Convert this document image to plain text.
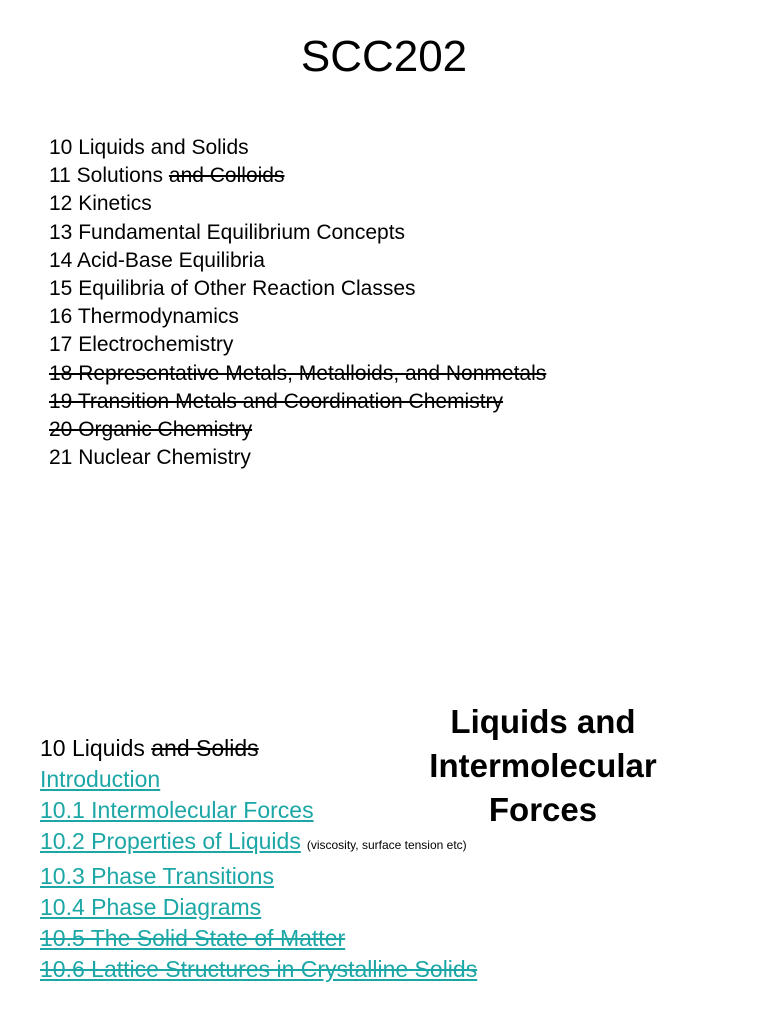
SCC202
10 Liquids and Solids
11 Solutions and Colloids
12 Kinetics
13 Fundamental Equilibrium Concepts
14 Acid-Base Equilibria
15 Equilibria of Other Reaction Classes
16 Thermodynamics
17 Electrochemistry
18 Representative Metals, Metalloids, and Nonmetals
19 Transition Metals and Coordination Chemistry
20 Organic Chemistry
21 Nuclear Chemistry
10 Liquids and Solids
Introduction
10.1 Intermolecular Forces
10.2 Properties of Liquids (viscosity, surface tension etc)
10.3 Phase Transitions
10.4 Phase Diagrams
10.5 The Solid State of Matter
10.6 Lattice Structures in Crystalline Solids
Liquids and
Intermolecular
Forces
